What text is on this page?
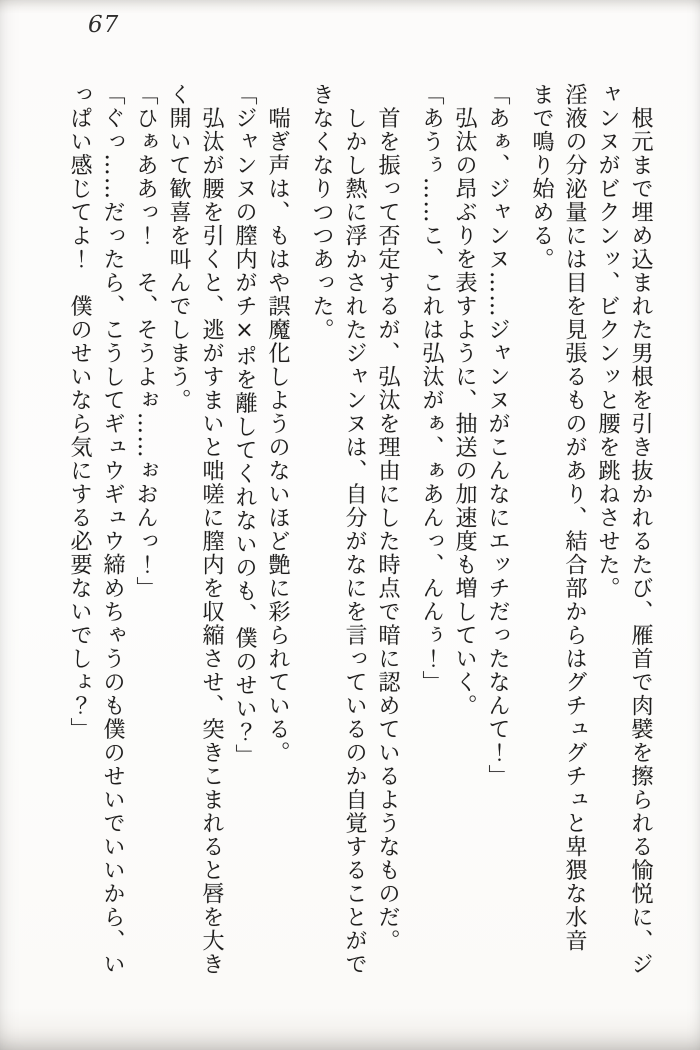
67

　根元まで埋め込まれた男根を引き抜かれるたび、雁首で肉襞を擦られる愉悦に、ジ

ャンヌがビクンッ、ビクンッと腰を跳ねさせた。

淫液の分泌量には目を見張るものがあり、結合部からはグチュグチュと卑猥な水音

まで鳴り始める。

「あぁ、ジャンヌ……ジャンヌがこんなにエッチだったなんて！」

　弘汰の昂ぶりを表すように、抽送の加速度も増していく。

「あうぅ……こ、これは弘汰がぁ、ぁあんっ、んんぅ！」

　首を振って否定するが、弘汰を理由にした時点で暗に認めているようなものだ。

　しかし熱に浮かされたジャンヌは、自分がなにを言っているのか自覚することがで

きなくなりつつあった。

　喘ぎ声は、もはや誤魔化しようのないほど艶に彩られている。

「ジャンヌの膣内がチ×ポを離してくれないのも、僕のせい？」

　弘汰が腰を引くと、逃がすまいと咄嗟に膣内を収縮させ、突きこまれると唇を大き

く開いて歓喜を叫んでしまう。

「ひぁああっ！　そ、そうよぉ……ぉおんっ！」

「ぐっ……だったら、こうしてギュウギュウ締めちゃうのも僕のせいでいいから、い

っぱい感じてよ！　僕のせいなら気にする必要ないでしょ？」
